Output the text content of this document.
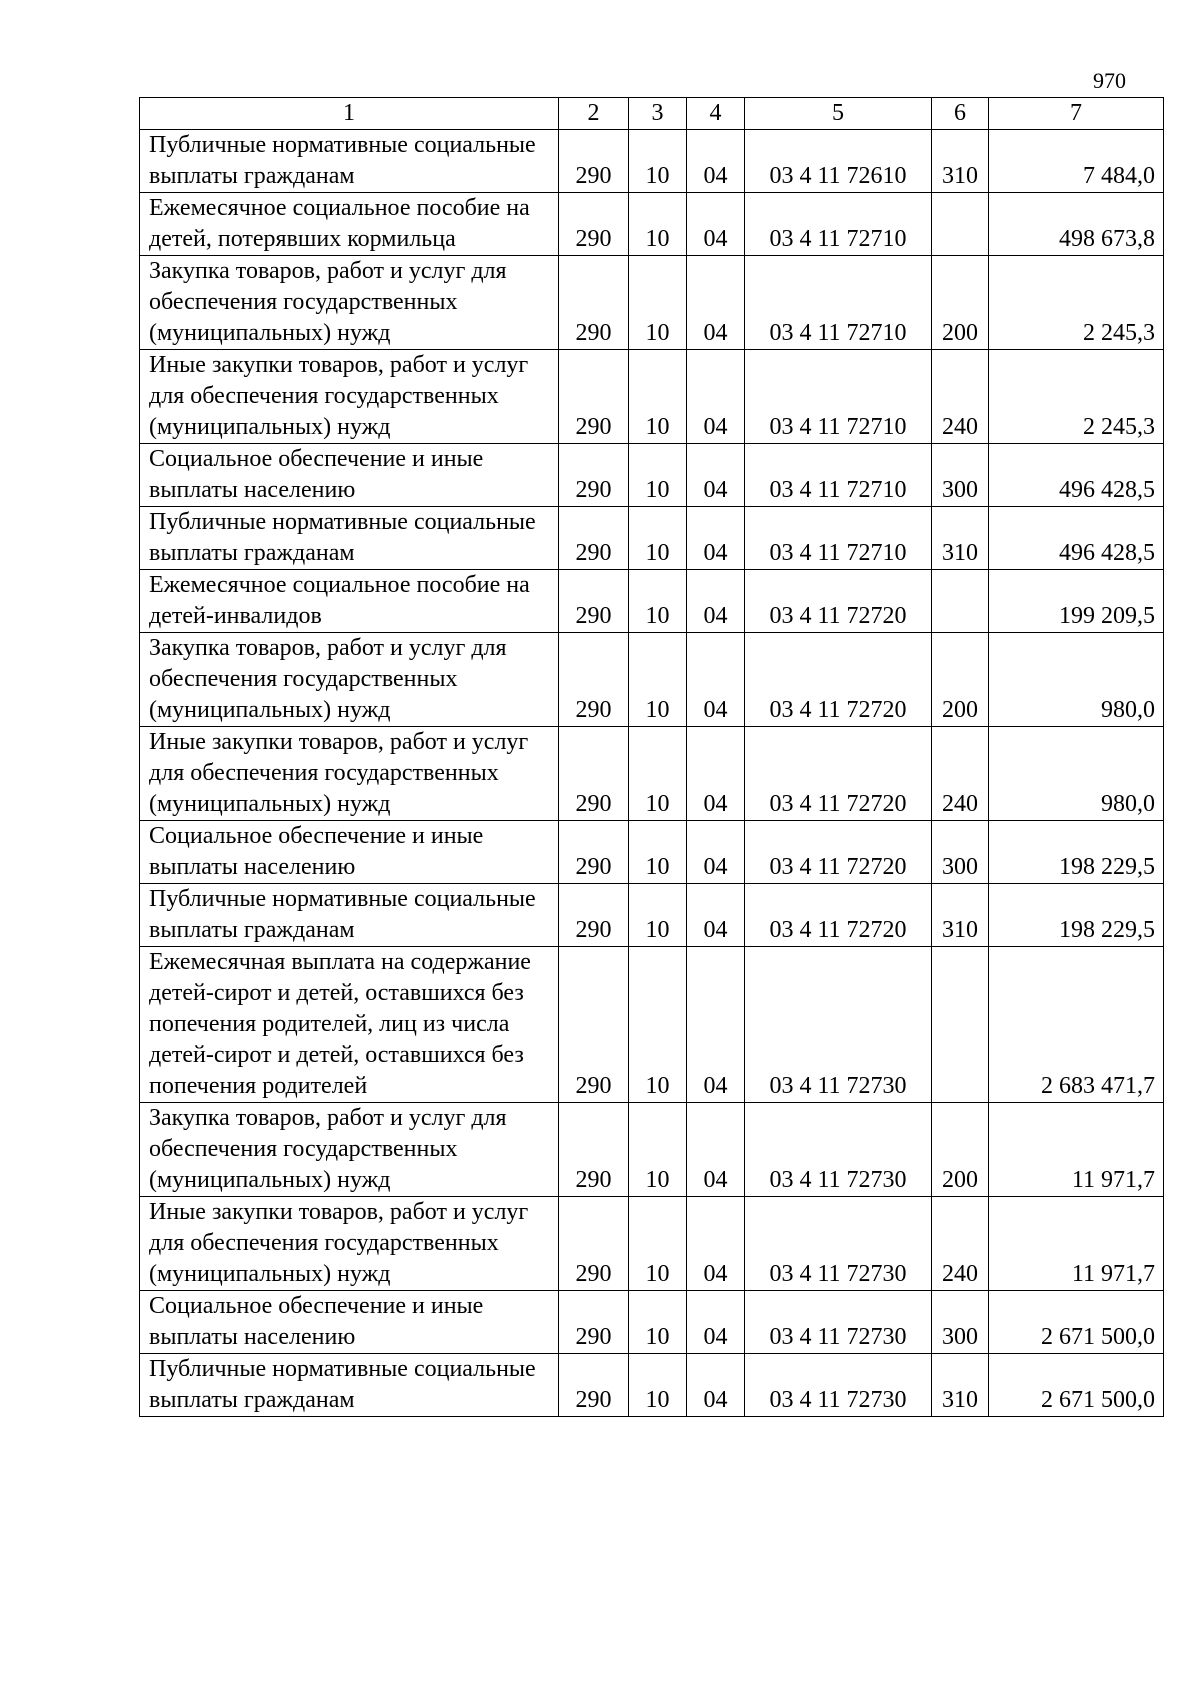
970
1	2	3	4	5	6	7
Публичные нормативные социальные выплаты гражданам	290	10	04	03 4 11 72610	310	7 484,0
Ежемесячное социальное пособие на детей, потерявших кормильца	290	10	04	03 4 11 72710		498 673,8
Закупка товаров, работ и услуг для обеспечения государственных (муниципальных) нужд	290	10	04	03 4 11 72710	200	2 245,3
Иные закупки товаров, работ и услуг для обеспечения государственных (муниципальных) нужд	290	10	04	03 4 11 72710	240	2 245,3
Социальное обеспечение и иные выплаты населению	290	10	04	03 4 11 72710	300	496 428,5
Публичные нормативные социальные выплаты гражданам	290	10	04	03 4 11 72710	310	496 428,5
Ежемесячное социальное пособие на детей-инвалидов	290	10	04	03 4 11 72720		199 209,5
Закупка товаров, работ и услуг для обеспечения государственных (муниципальных) нужд	290	10	04	03 4 11 72720	200	980,0
Иные закупки товаров, работ и услуг для обеспечения государственных (муниципальных) нужд	290	10	04	03 4 11 72720	240	980,0
Социальное обеспечение и иные выплаты населению	290	10	04	03 4 11 72720	300	198 229,5
Публичные нормативные социальные выплаты гражданам	290	10	04	03 4 11 72720	310	198 229,5
Ежемесячная выплата на содержание детей-сирот и детей, оставшихся без попечения родителей, лиц из числа детей-сирот и детей, оставшихся без попечения родителей	290	10	04	03 4 11 72730		2 683 471,7
Закупка товаров, работ и услуг для обеспечения государственных (муниципальных) нужд	290	10	04	03 4 11 72730	200	11 971,7
Иные закупки товаров, работ и услуг для обеспечения государственных (муниципальных) нужд	290	10	04	03 4 11 72730	240	11 971,7
Социальное обеспечение и иные выплаты населению	290	10	04	03 4 11 72730	300	2 671 500,0
Публичные нормативные социальные выплаты гражданам	290	10	04	03 4 11 72730	310	2 671 500,0
